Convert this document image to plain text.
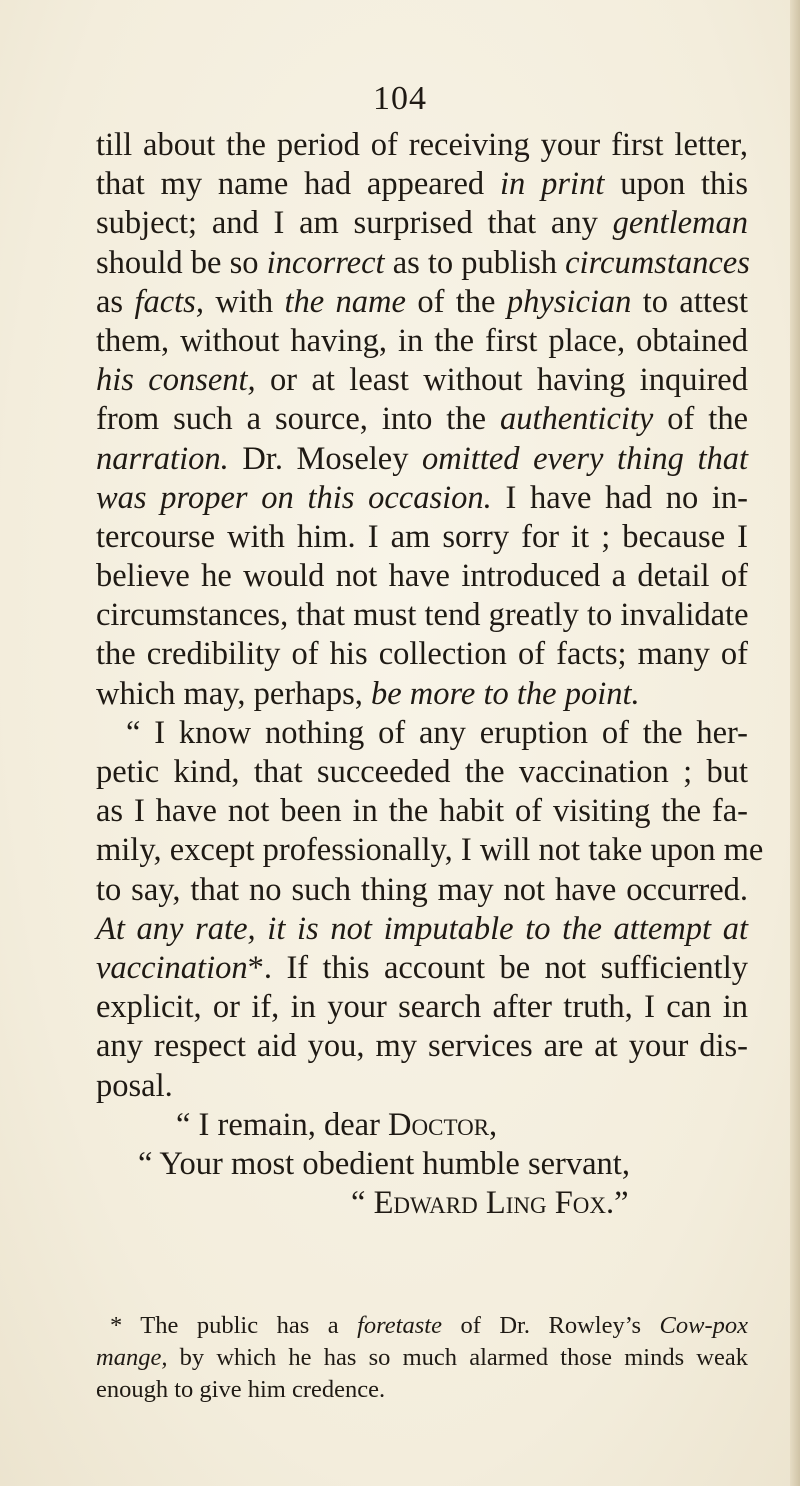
104
till about the period of receiving your first letter,
that my name had appeared in print upon this
subject; and I am surprised that any gentleman
should be so incorrect as to publish circumstances
as facts, with the name of the physician to attest
them, without having, in the first place, obtained
his consent, or at least without having inquired
from such a source, into the authenticity of the
narration. Dr. Moseley omitted every thing that
was proper on this occasion. I have had no in-
tercourse with him. I am sorry for it ; because I
believe he would not have introduced a detail of
circumstances, that must tend greatly to invalidate
the credibility of his collection of facts; many of
which may, perhaps, be more to the point.
“ I know nothing of any eruption of the her-
petic kind, that succeeded the vaccination ; but
as I have not been in the habit of visiting the fa-
mily, except professionally, I will not take upon me
to say, that no such thing may not have occurred.
At any rate, it is not imputable to the attempt at
vaccination*. If this account be not sufficiently
explicit, or if, in your search after truth, I can in
any respect aid you, my services are at your dis-
posal.
“ I remain, dear Doctor,
“ Your most obedient humble servant,
“ Edward Ling Fox.”
* The public has a foretaste of Dr. Rowley’s Cow-pox
mange, by which he has so much alarmed those minds weak
enough to give him credence.
